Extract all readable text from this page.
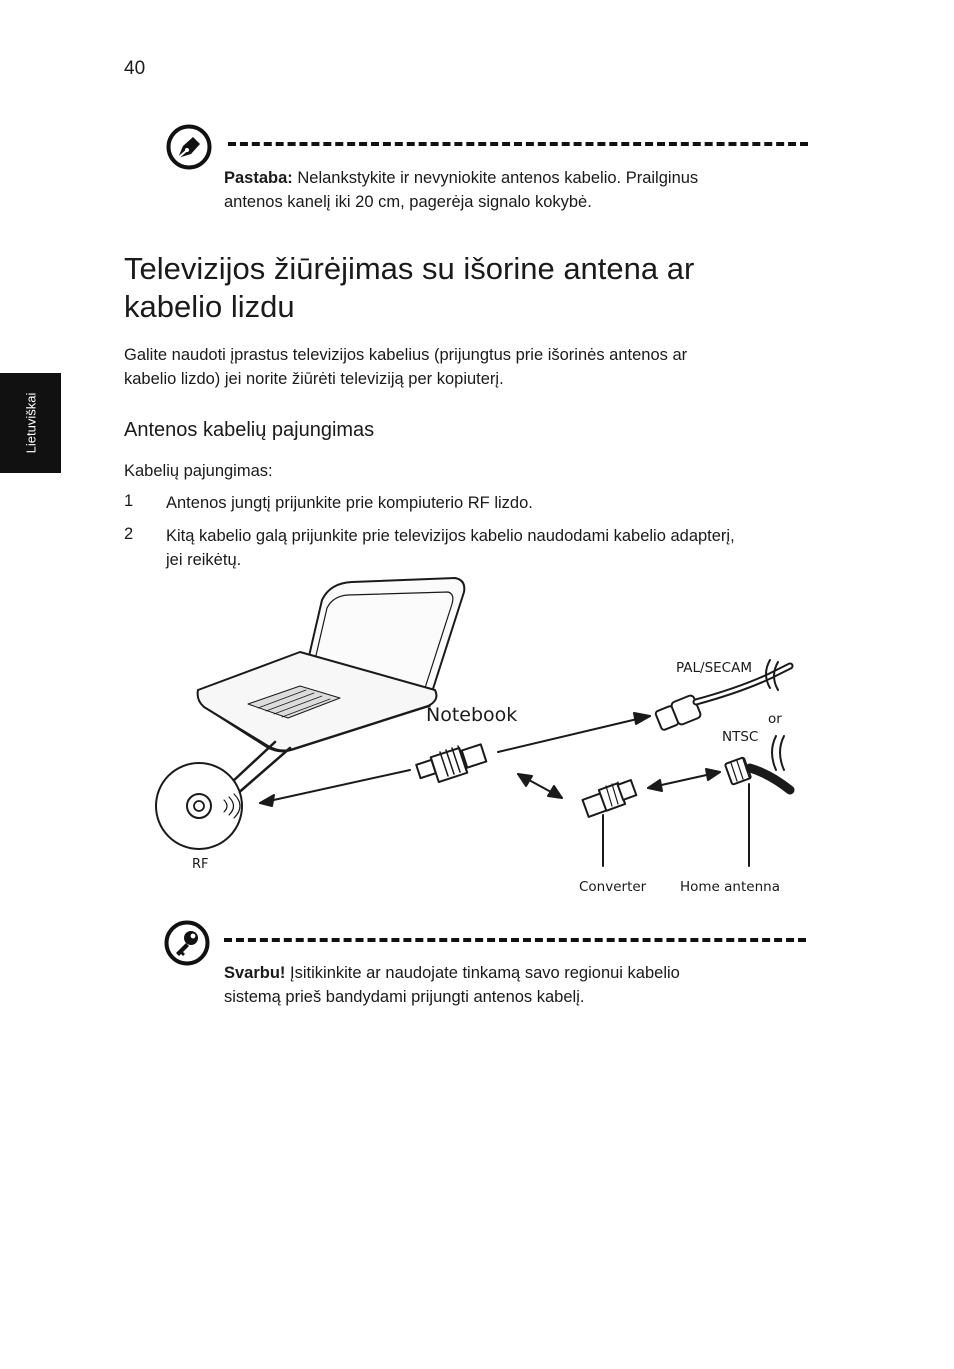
40
Lietuviškai
Pastaba: Nelankstykite ir nevyniokite antenos kabelio. Prailginus
antenos kanelį iki 20 cm, pagerėja signalo kokybė.
Televizijos žiūrėjimas su išorine antena ar
kabelio lizdu
Galite naudoti įprastus televizijos kabelius (prijungtus prie išorinės antenos ar
kabelio lizdo) jei norite žiūrėti televiziją per kopiuterį.
Antenos kabelių pajungimas
Kabelių pajungimas:
1 Antenos jungtį prijunkite prie kompiuterio RF lizdo.
2 Kitą kabelio galą prijunkite prie televizijos kabelio naudodami kabelio adapterį,
jei reikėtų.
Notebook
PAL/SECAM
or
NTSC
RF
Converter	Home antenna
Svarbu! Įsitikinkite ar naudojate tinkamą savo regionui kabelio
sistemą prieš bandydami prijungti antenos kabelį.
